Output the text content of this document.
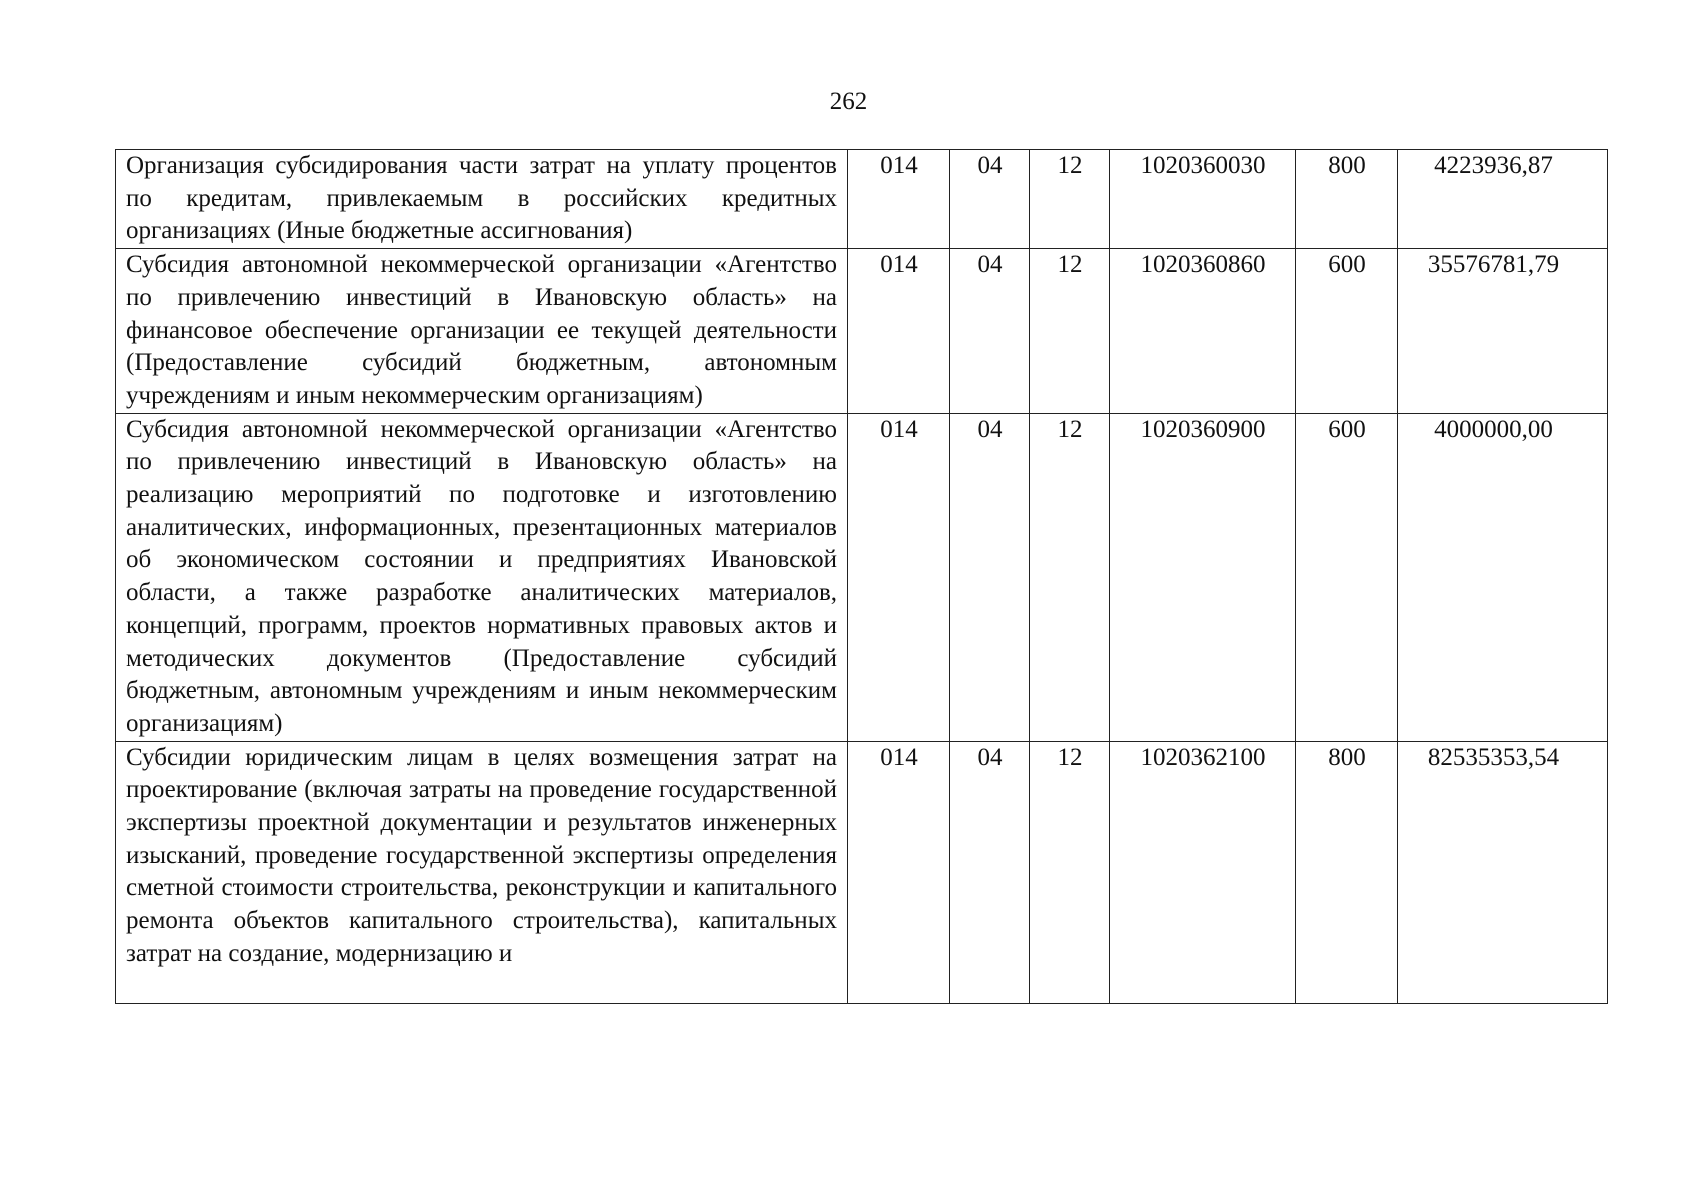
262
Организация субсидирования части затрат на уплату процентов по кредитам, привлекаемым в российских кредитных организациях (Иные бюджетные ассигнования)	014	04	12	1020360030	800	4223936,87
Субсидия автономной некоммерческой организации «Агентство по привлечению инвестиций в Ивановскую область» на финансовое обеспечение организации ее текущей деятельности (Предоставление субсидий бюджетным, автономным учреждениям и иным некоммерческим организациям)	014	04	12	1020360860	600	35576781,79
Субсидия автономной некоммерческой организации «Агентство по привлечению инвестиций в Ивановскую область» на реализацию мероприятий по подготовке и изготовлению аналитических, информационных, презентационных материалов об экономическом состоянии и предприятиях Ивановской области, а также разработке аналитических материалов, концепций, программ, проектов нормативных правовых актов и методических документов (Предоставление субсидий бюджетным, автономным учреждениям и иным некоммерческим организациям)	014	04	12	1020360900	600	4000000,00

Субсидии юридическим лицам в целях возмещения затрат на проектирование (включая затраты на проведение государственной экспертизы проектной документации и результатов инженерных изысканий, проведение государственной экспертизы определения сметной стоимости строительства, реконструкции и капитального ремонта объектов капитального строительства), капитальных затрат на создание, модернизацию и	014	04	12	1020362100	800	82535353,54
